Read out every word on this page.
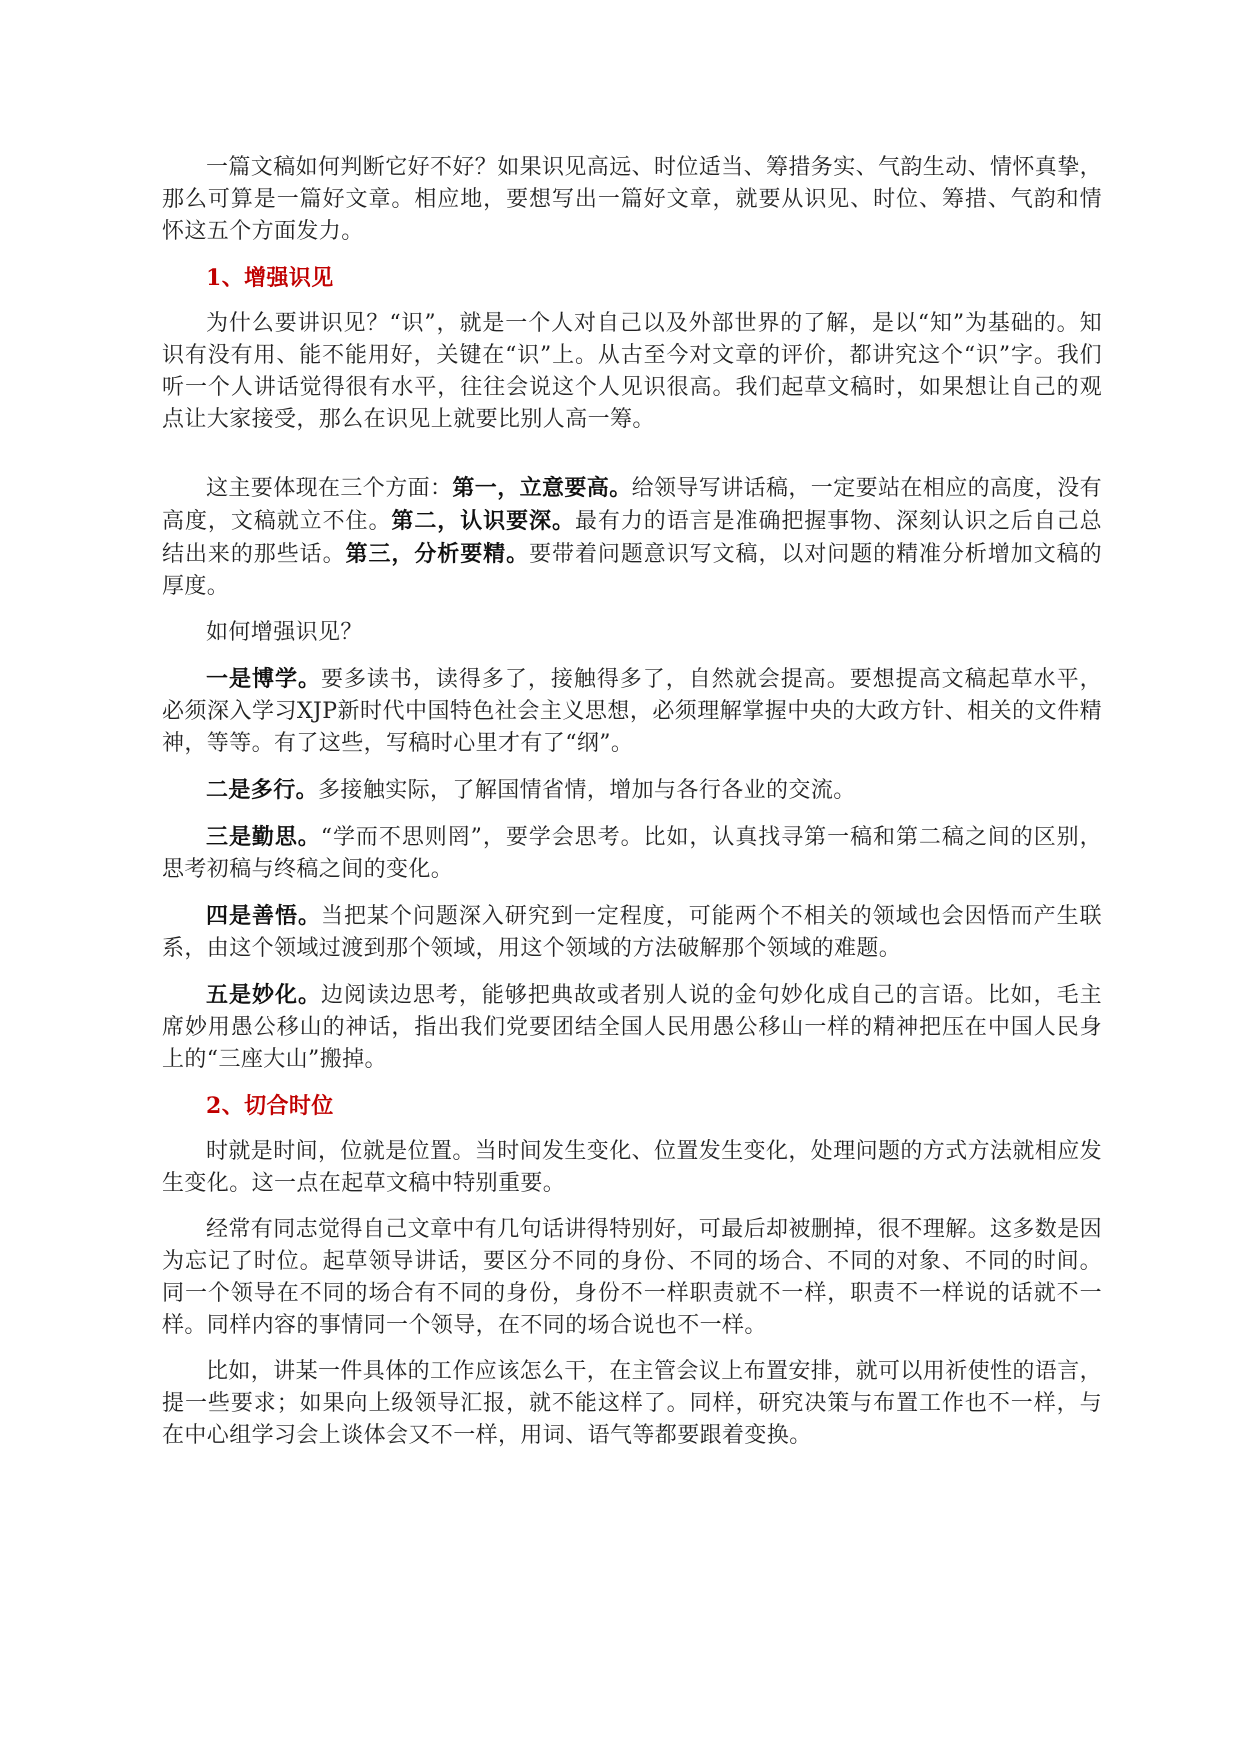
一篇文稿如何判断它好不好？如果识见高远、时位适当、筹措务实、气韵生动、情怀真挚，那么可算是一篇好文章。相应地，要想写出一篇好文章，就要从识见、时位、筹措、气韵和情怀这五个方面发力。

1、增强识见

为什么要讲识见？“识”，就是一个人对自己以及外部世界的了解，是以“知”为基础的。知识有没有用、能不能用好，关键在“识”上。从古至今对文章的评价，都讲究这个“识”字。我们听一个人讲话觉得很有水平，往往会说这个人见识很高。我们起草文稿时，如果想让自己的观点让大家接受，那么在识见上就要比别人高一筹。

这主要体现在三个方面：第一，立意要高。给领导写讲话稿，一定要站在相应的高度，没有高度，文稿就立不住。第二，认识要深。最有力的语言是准确把握事物、深刻认识之后自己总结出来的那些话。第三，分析要精。要带着问题意识写文稿，以对问题的精准分析增加文稿的厚度。

如何增强识见？

一是博学。要多读书，读得多了，接触得多了，自然就会提高。要想提高文稿起草水平，必须深入学习XJP新时代中国特色社会主义思想，必须理解掌握中央的大政方针、相关的文件精神，等等。有了这些，写稿时心里才有了“纲”。

二是多行。多接触实际，了解国情省情，增加与各行各业的交流。

三是勤思。“学而不思则罔”，要学会思考。比如，认真找寻第一稿和第二稿之间的区别，思考初稿与终稿之间的变化。

四是善悟。当把某个问题深入研究到一定程度，可能两个不相关的领域也会因悟而产生联系，由这个领域过渡到那个领域，用这个领域的方法破解那个领域的难题。

五是妙化。边阅读边思考，能够把典故或者别人说的金句妙化成自己的言语。比如，毛主席妙用愚公移山的神话，指出我们党要团结全国人民用愚公移山一样的精神把压在中国人民身上的“三座大山”搬掉。

2、切合时位

时就是时间，位就是位置。当时间发生变化、位置发生变化，处理问题的方式方法就相应发生变化。这一点在起草文稿中特别重要。

经常有同志觉得自己文章中有几句话讲得特别好，可最后却被删掉，很不理解。这多数是因为忘记了时位。起草领导讲话，要区分不同的身份、不同的场合、不同的对象、不同的时间。同一个领导在不同的场合有不同的身份，身份不一样职责就不一样，职责不一样说的话就不一样。同样内容的事情同一个领导，在不同的场合说也不一样。

比如，讲某一件具体的工作应该怎么干，在主管会议上布置安排，就可以用祈使性的语言，提一些要求；如果向上级领导汇报，就不能这样了。同样，研究决策与布置工作也不一样，与在中心组学习会上谈体会又不一样，用词、语气等都要跟着变换。
